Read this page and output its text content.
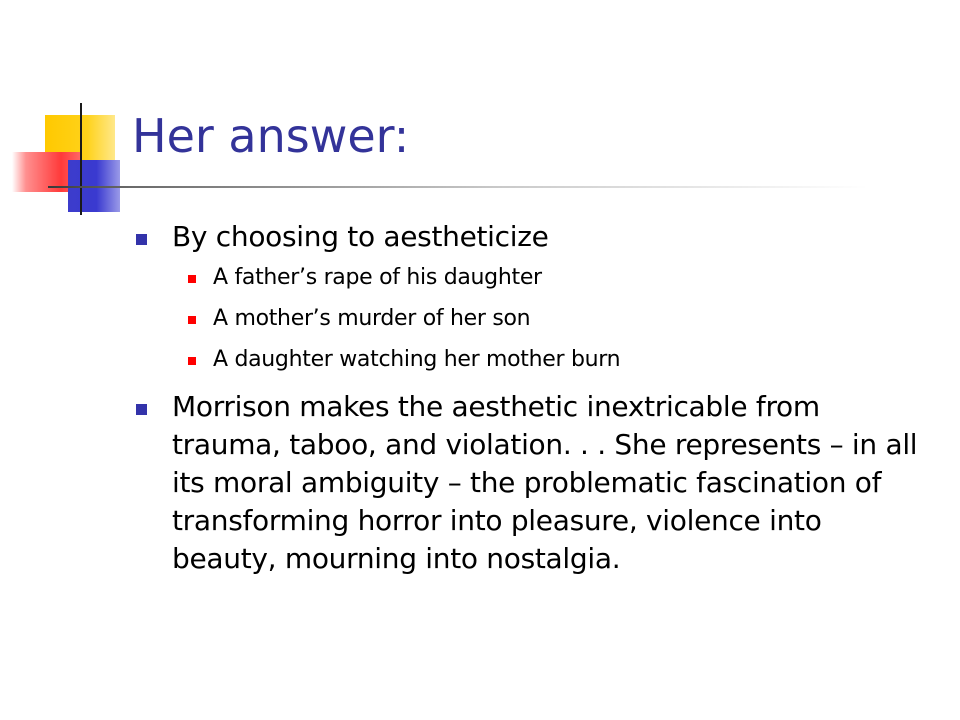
Her answer:
By choosing to aestheticize
A father’s rape of his daughter
A mother’s murder of her son
A daughter watching her mother burn
Morrison makes the aesthetic inextricable from trauma, taboo, and violation. . . She represents – in all its moral ambiguity – the problematic fascination of transforming horror into pleasure, violence into beauty, mourning into nostalgia.
